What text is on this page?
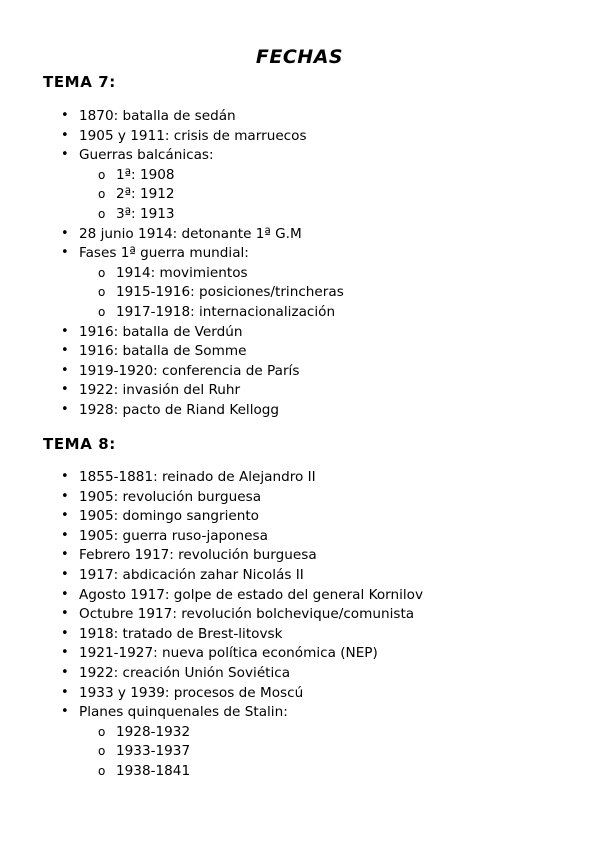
FECHAS
TEMA 7:
• 1870: batalla de sedán
• 1905 y 1911: crisis de marruecos
• Guerras balcánicas:
o 1ª: 1908
o 2ª: 1912
o 3ª: 1913
• 28 junio 1914: detonante 1ª G.M
• Fases 1ª guerra mundial:
o 1914: movimientos
o 1915-1916: posiciones/trincheras
o 1917-1918: internacionalización
• 1916: batalla de Verdún
• 1916: batalla de Somme
• 1919-1920: conferencia de París
• 1922: invasión del Ruhr
• 1928: pacto de Riand Kellogg
TEMA 8:
• 1855-1881: reinado de Alejandro II
• 1905: revolución burguesa
• 1905: domingo sangriento
• 1905: guerra ruso-japonesa
• Febrero 1917: revolución burguesa
• 1917: abdicación zahar Nicolás II
• Agosto 1917: golpe de estado del general Kornilov
• Octubre 1917: revolución bolchevique/comunista
• 1918: tratado de Brest-litovsk
• 1921-1927: nueva política económica (NEP)
• 1922: creación Unión Soviética
• 1933 y 1939: procesos de Moscú
• Planes quinquenales de Stalin:
o 1928-1932
o 1933-1937
o 1938-1841
